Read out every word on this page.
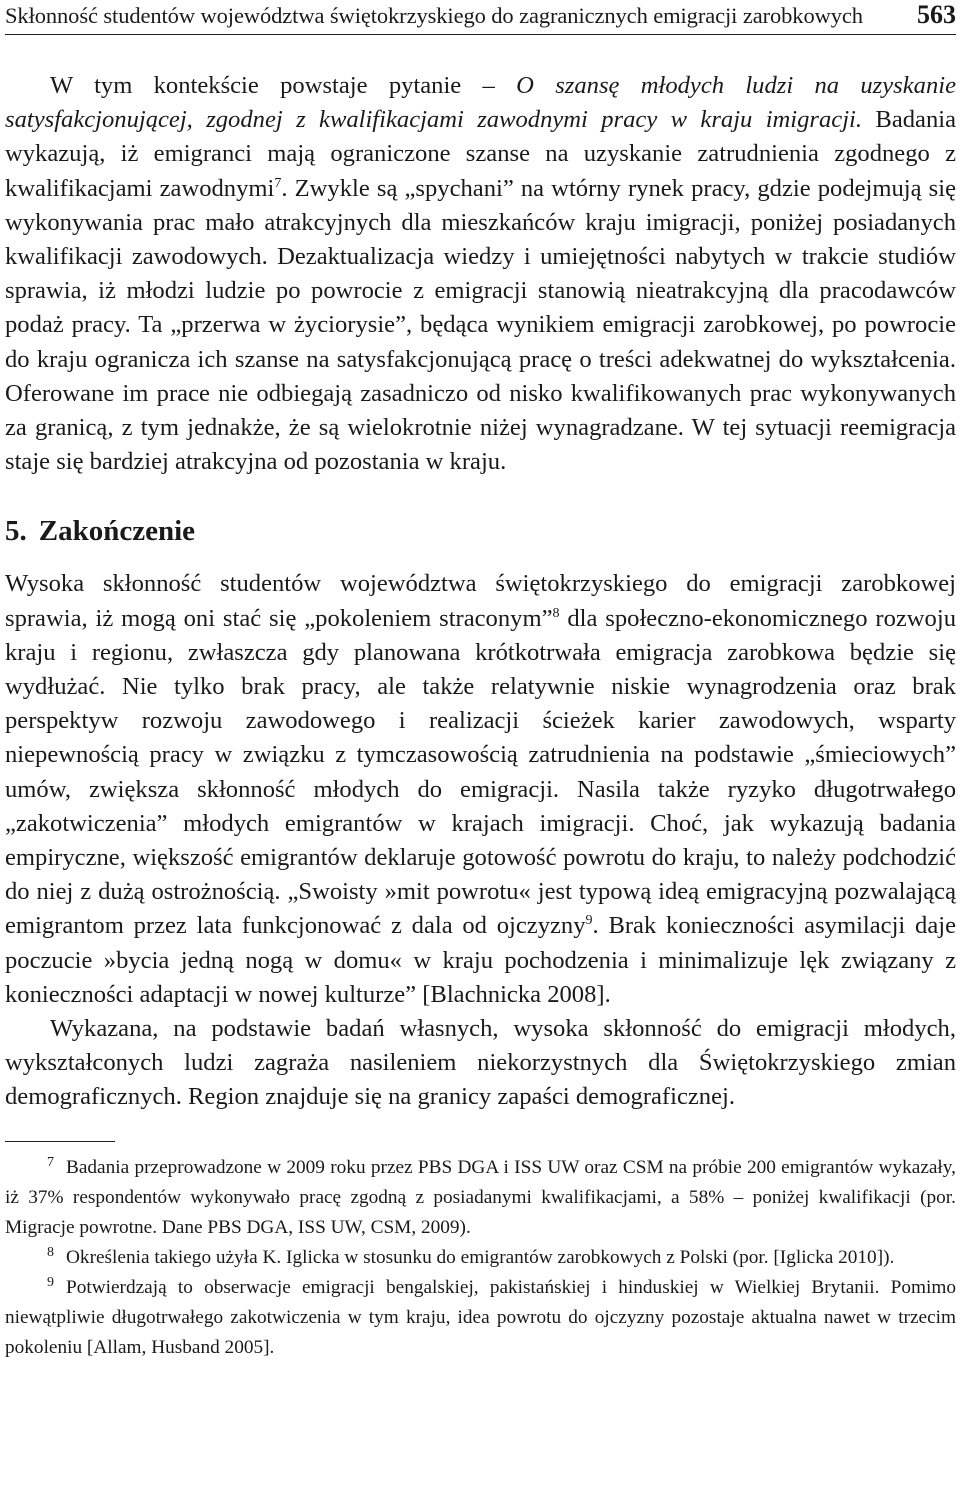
Skłonność studentów województwa świętokrzyskiego do zagranicznych emigracji zarobkowych 563

W tym kontekście powstaje pytanie – O szansę młodych ludzi na uzyskanie satysfakcjonującej, zgodnej z kwalifikacjami zawodnymi pracy w kraju imigracji. Badania wykazują, iż emigranci mają ograniczone szanse na uzyskanie zatrudnienia zgodnego z kwalifikacjami zawodnymi$^7$. Zwykle są „spychani” na wtórny rynek pracy, gdzie podejmują się wykonywania prac mało atrakcyjnych dla mieszkańców kraju imigracji, poniżej posiadanych kwalifikacji zawodowych. Dezaktualizacja wiedzy i umiejętności nabytych w trakcie studiów sprawia, iż młodzi ludzie po powrocie z emigracji stanowią nieatrakcyjną dla pracodawców podaż pracy. Ta „przerwa w życiorysie”, będąca wynikiem emigracji zarobkowej, po powrocie do kraju ogranicza ich szanse na satysfakcjonującą pracę o treści adekwatnej do wykształcenia. Oferowane im prace nie odbiegają zasadniczo od nisko kwalifikowanych prac wykonywanych za granicą, z tym jednakże, że są wielokrotnie niżej wynagradzane. W tej sytuacji reemigracja staje się bardziej atrakcyjna od pozostania w kraju.

5. Zakończenie

Wysoka skłonność studentów województwa świętokrzyskiego do emigracji zarobkowej sprawia, iż mogą oni stać się „pokoleniem straconym”$^8$ dla społeczno-ekonomicznego rozwoju kraju i regionu, zwłaszcza gdy planowana krótkotrwała emigracja zarobkowa będzie się wydłużać. Nie tylko brak pracy, ale także relatywnie niskie wynagrodzenia oraz brak perspektyw rozwoju zawodowego i realizacji ścieżek karier zawodowych, wsparty niepewnością pracy w związku z tymczasowością zatrudnienia na podstawie „śmieciowych” umów, zwiększa skłonność młodych do emigracji. Nasila także ryzyko długotrwałego „zakotwiczenia” młodych emigrantów w krajach imigracji. Choć, jak wykazują badania empiryczne, większość emigrantów deklaruje gotowość powrotu do kraju, to należy podchodzić do niej z dużą ostrożnością. „Swoisty »mit powrotu« jest typową ideą emigracyjną pozwalającą emigrantom przez lata funkcjonować z dala od ojczyzny$^9$. Brak konieczności asymilacji daje poczucie »bycia jedną nogą w domu« w kraju pochodzenia i minimalizuje lęk związany z konieczności adaptacji w nowej kulturze” [Blachnicka 2008].

Wykazana, na podstawie badań własnych, wysoka skłonność do emigracji młodych, wykształconych ludzi zagraża nasileniem niekorzystnych dla Świętokrzyskiego zmian demograficznych. Region znajduje się na granicy zapaści demograficznej.

$^7$ Badania przeprowadzone w 2009 roku przez PBS DGA i ISS UW oraz CSM na próbie 200 emigrantów wykazały, iż 37% respondentów wykonywało pracę zgodną z posiadanymi kwalifikacjami, a 58% – poniżej kwalifikacji (por. Migracje powrotne. Dane PBS DGA, ISS UW, CSM, 2009).

$^8$ Określenia takiego użyła K. Iglicka w stosunku do emigrantów zarobkowych z Polski (por. [Iglicka 2010]).

$^9$ Potwierdzają to obserwacje emigracji bengalskiej, pakistańskiej i hinduskiej w Wielkiej Brytanii. Pomimo niewątpliwie długotrwałego zakotwiczenia w tym kraju, idea powrotu do ojczyzny pozostaje aktualna nawet w trzecim pokoleniu [Allam, Husband 2005].
